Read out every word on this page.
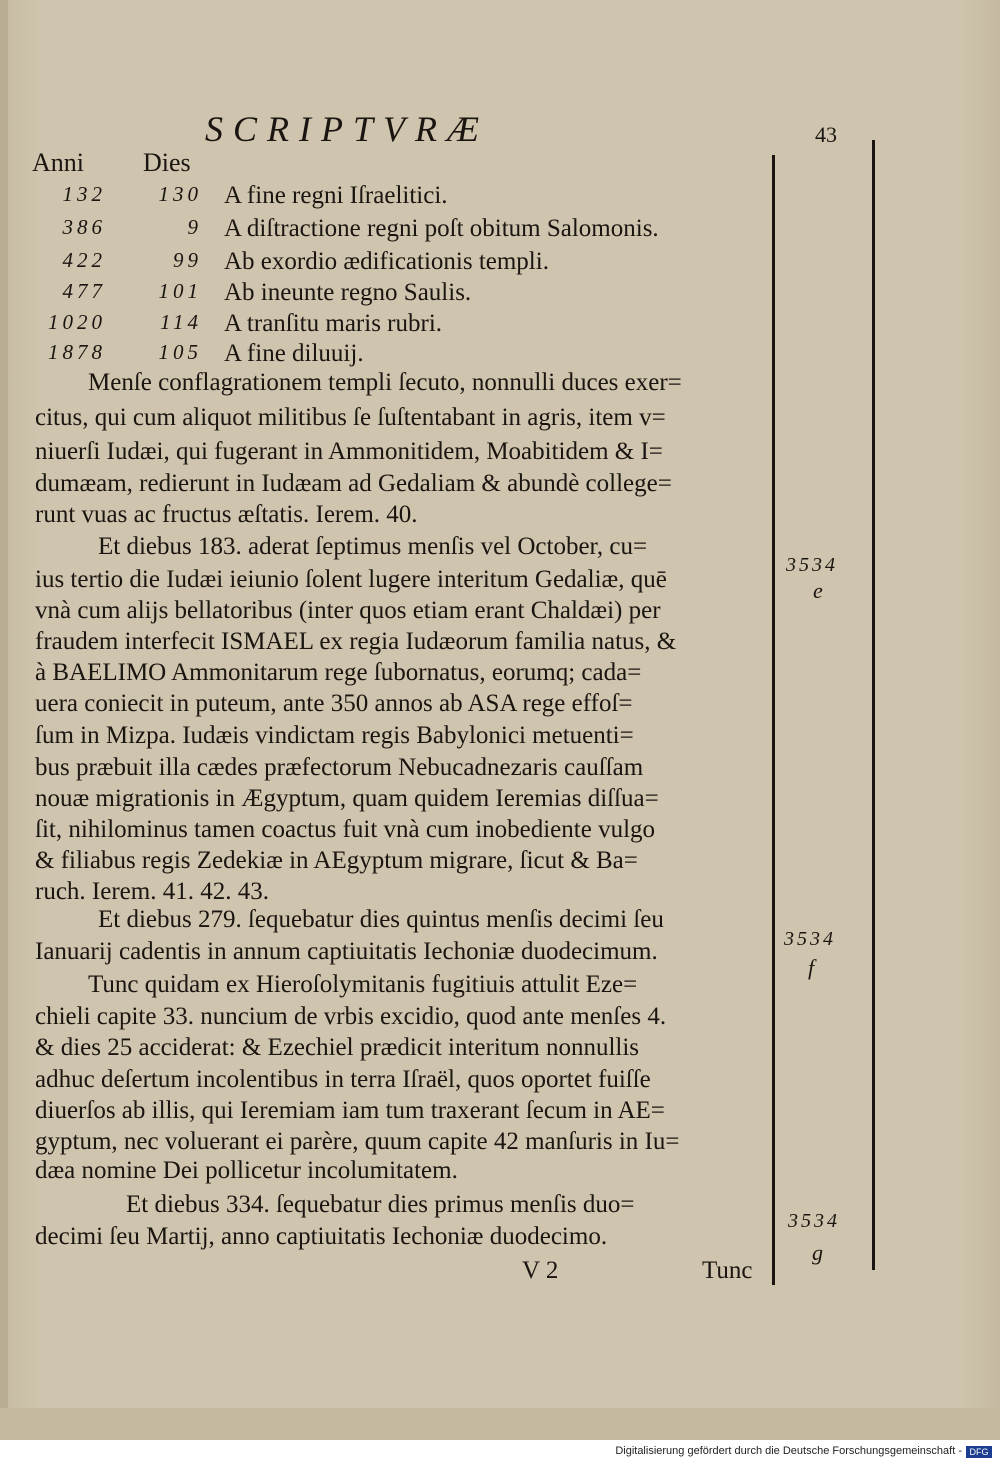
SCRIPTVRÆ	43
Anni Dies
132	130 A fine regni Iſraelitici.
386	9 A diſtractione regni poſt obitum Salomonis.
422	99 Ab exordio ædificationis templi.
477	101 Ab ineunte regno Saulis.
1020	114 A tranſitu maris rubri.
1878	105 A fine diluuij.
Menſe conflagrationem templi ſecuto, nonnulli duces exer=
citus, qui cum aliquot militibus ſe ſuſtentabant in agris, item v=
niuerſi Iudæi, qui fugerant in Ammonitidem, Moabitidem & I=
dumæam, redierunt in Iudæam ad Gedaliam & abundè college=
runt vuas ac fructus æſtatis. Ierem. 40.
Et diebus 183. aderat ſeptimus menſis vel October, cu=
ius tertio die Iudæi ieiunio ſolent lugere interitum Gedaliæ, quē
vnà cum alijs bellatoribus (inter quos etiam erant Chaldæi) per
fraudem interfecit ISMAEL ex regia Iudæorum familia natus, &
à BAELIMO Ammonitarum rege ſubornatus, eorumq; cada=
uera coniecit in puteum, ante 350 annos ab ASA rege effoſ=
ſum in Mizpa. Iudæis vindictam regis Babylonici metuenti=
bus præbuit illa cædes præfectorum Nebucadnezaris cauſſam
nouæ migrationis in Ægyptum, quam quidem Ieremias diſſua=
ſit, nihilominus tamen coactus fuit vnà cum inobediente vulgo
& filiabus regis Zedekiæ in AEgyptum migrare, ſicut & Ba=
ruch. Ierem. 41. 42. 43.
Et diebus 279. ſequebatur dies quintus menſis decimi ſeu
Ianuarij cadentis in annum captiuitatis Iechoniæ duodecimum.
Tunc quidam ex Hieroſolymitanis fugitiuis attulit Eze=
chieli capite 33. nuncium de vrbis excidio, quod ante menſes 4.
& dies 25 acciderat: & Ezechiel prædicit interitum nonnullis
adhuc deſertum incolentibus in terra Iſraël, quos oportet fuiſſe
diuerſos ab illis, qui Ieremiam iam tum traxerant ſecum in AE=
gyptum, nec voluerant ei parère, quum capite 42 manſuris in Iu=
dæa nomine Dei pollicetur incolumitatem.
Et diebus 334. ſequebatur dies primus menſis duo=
decimi ſeu Martij, anno captiuitatis Iechoniæ duodecimo.
3534
e
3534
f
3534
g
V 2	Tunc
Digitalisierung gefördert durch die Deutsche Forschungsgemeinschaft - DFG
